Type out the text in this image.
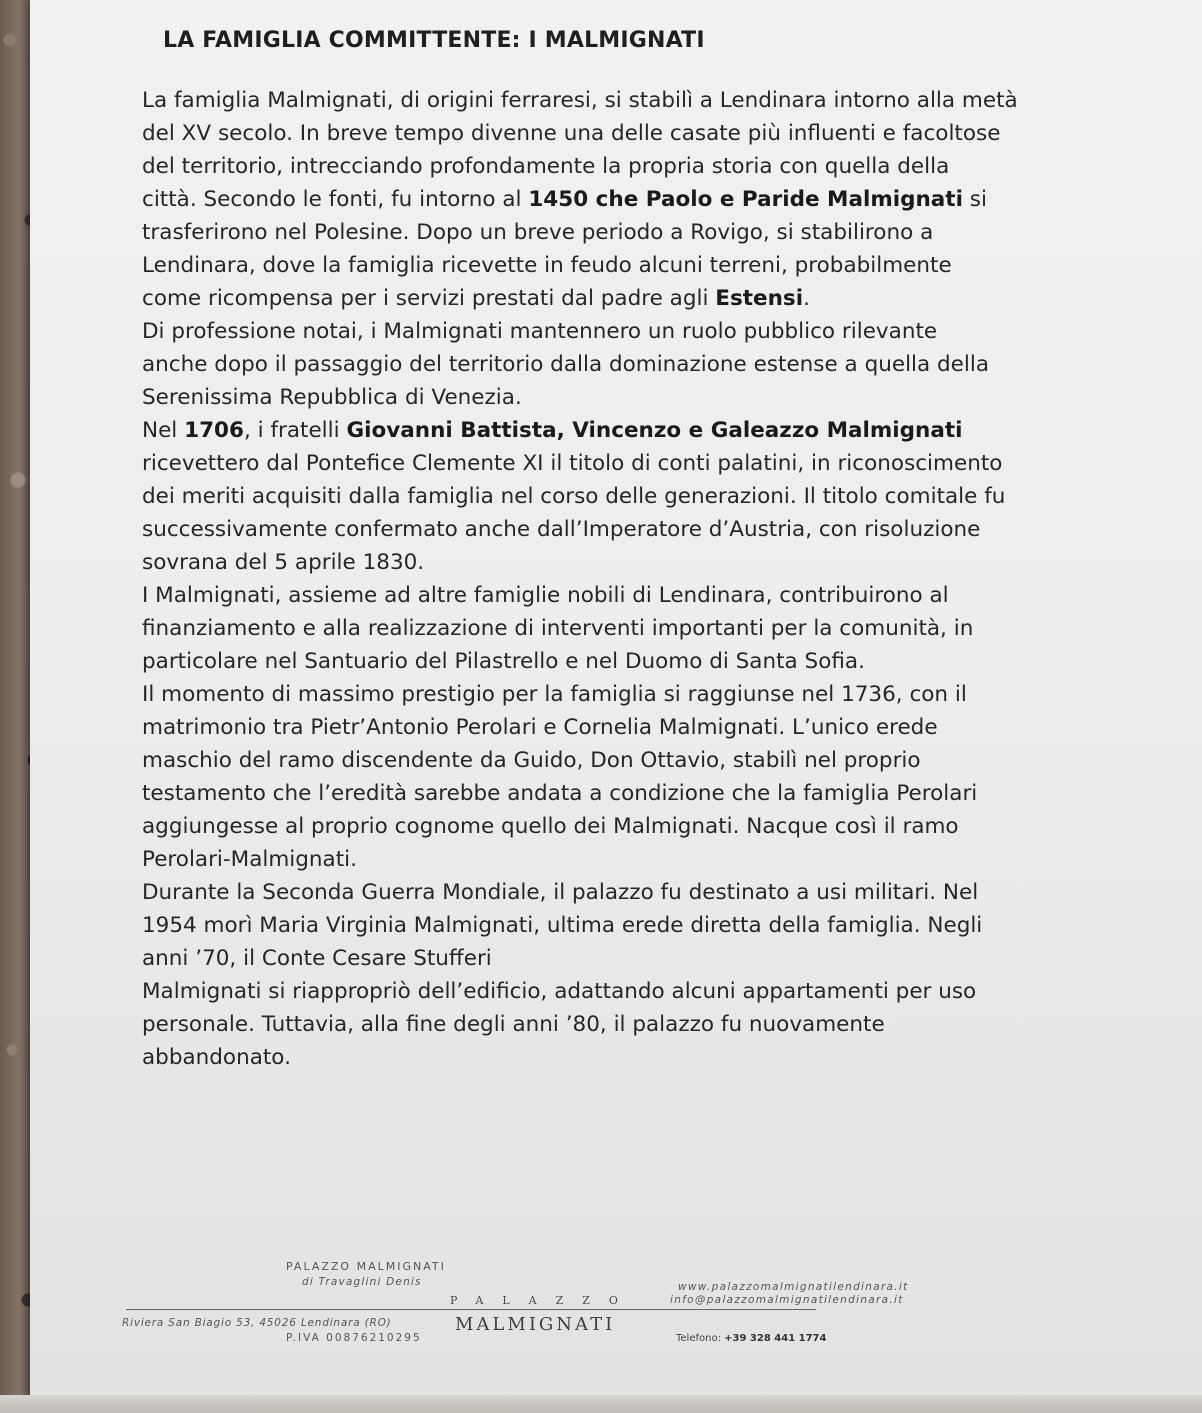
LA FAMIGLIA COMMITTENTE: I MALMIGNATI
La famiglia Malmignati, di origini ferraresi, si stabilì a Lendinara intorno alla metà
del XV secolo. In breve tempo divenne una delle casate più influenti e facoltose
del territorio, intrecciando profondamente la propria storia con quella della
città. Secondo le fonti, fu intorno al 1450 che Paolo e Paride Malmignati si
trasferirono nel Polesine. Dopo un breve periodo a Rovigo, si stabilirono a
Lendinara, dove la famiglia ricevette in feudo alcuni terreni, probabilmente
come ricompensa per i servizi prestati dal padre agli Estensi.
Di professione notai, i Malmignati mantennero un ruolo pubblico rilevante
anche dopo il passaggio del territorio dalla dominazione estense a quella della
Serenissima Repubblica di Venezia.
Nel 1706, i fratelli Giovanni Battista, Vincenzo e Galeazzo Malmignati
ricevettero dal Pontefice Clemente XI il titolo di conti palatini, in riconoscimento
dei meriti acquisiti dalla famiglia nel corso delle generazioni. Il titolo comitale fu
successivamente confermato anche dall’Imperatore d’Austria, con risoluzione
sovrana del 5 aprile 1830.
I Malmignati, assieme ad altre famiglie nobili di Lendinara, contribuirono al
finanziamento e alla realizzazione di interventi importanti per la comunità, in
particolare nel Santuario del Pilastrello e nel Duomo di Santa Sofia.
Il momento di massimo prestigio per la famiglia si raggiunse nel 1736, con il
matrimonio tra Pietr’Antonio Perolari e Cornelia Malmignati. L’unico erede
maschio del ramo discendente da Guido, Don Ottavio, stabilì nel proprio
testamento che l’eredità sarebbe andata a condizione che la famiglia Perolari
aggiungesse al proprio cognome quello dei Malmignati. Nacque così il ramo
Perolari-Malmignati.
Durante la Seconda Guerra Mondiale, il palazzo fu destinato a usi militari. Nel
1954 morì Maria Virginia Malmignati, ultima erede diretta della famiglia. Negli
anni ’70, il Conte Cesare Stufferi
Malmignati si riappropriò dell’edificio, adattando alcuni appartamenti per uso
personale. Tuttavia, alla fine degli anni ’80, il palazzo fu nuovamente
abbandonato.
PALAZZO MALMIGNATI
di Travaglini Denis
PALAZZO
www.palazzomalmignatilendinara.it
info@palazzomalmignatilendinara.it
Riviera San Biagio 53, 45026 Lendinara (RO)
P.IVA 00876210295
MALMIGNATI
Telefono: +39 328 441 1774
